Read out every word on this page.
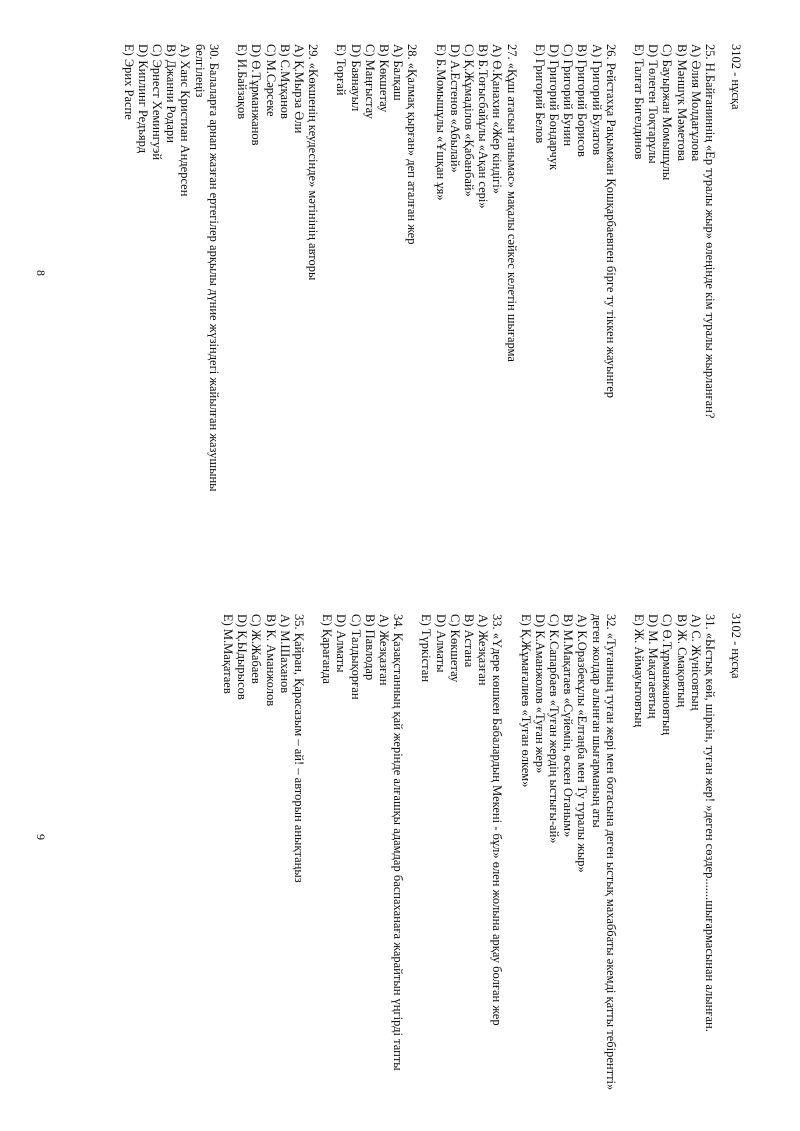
3102 - нұсқа

25. Н.Байғаниннің «Ер туралы жыр» өлеңінде кім туралы жырланған?

A) Әлия Молдағұлова

B) Мәншүк Мәметова

C) Бауыржан Момышұлы

D) Төлеген Тоқтарұлы

E) Талғат Бигелдинов

26. Рейстахқа Рақымжан Қошқарбаевпен бірге ту тіккен жауынгер

A) Григорий Булатов

B) Григорий Борисов

C) Григорий Бунин

D) Григорий Бондарчук

E) Григорий Белов

27. «Құш атасын танымас» мақалы сәйкес келетін шығарма

A) Ө.Қанахин «Жер кіндігі»

B) Б.Тоғысбайұлы «Ақан сері»

C) Қ.Жұмаділов «Қабанбай»

D) А.Естенов «Абылай»

E) Б.Момышұлы «Ұшқан ұя»

28. «Қалмақ қырған» деп аталған жер

A) Балқаш

B) Көкшетау

C) Маңғыстау

D) Баянауыл

E) Торғай

29. «Көкшенің кеудесінде» мәтінінің авторы

A) Қ.Мырза Әли

B) С.Мұқанов

C) М.Сәрсеке

D) Ө.Тұрманжанов

E) И.Байзақов

30. Балаларға арнап жазған ертегілер арқылы дүние жүзіндегі жайылған жазушыны белгілеңіз

A) Ханс Кристиан Андерсен

B) Джанни Родари

C) Эрнест Хемингуэй

D) Киплинг Редъярд

E) Эрих Распе

8
3102 - нұсқа

31. «Ыстық көй, шіркін, туған жер! »деген сөздер.......шығармасынан алынған.

A) С. Жүнісовтың

B) Ж. Смақовтың

C) Ө.Тұрманжановтың

D) М. Мақатаевтың

E) Ж. Аймауытовтың

32. «Туғанның туған жері мен ботасына деген ыстық махаббаты әкемді қатты тебірентті» деген жолдар алынған шығарманың аты

A) К.Оразбекұлы «Елтаңба мен Ту туралы жыр»

B) М.Мақатаев «Сүйемін, өскен Отаным»

C) К.Сапарбаев «Туған жердің ыстығы-ай»

D) К.Аманжолов «Туған жер»

E) Қ.Жұмағалиев «Туған өлкем»

33. «Үдере көшкен Бабалардың Мекені - бұл» өлен жолына арқау болған жер

A) Жезқазған

B) Астана

C) Көкшетау

D) Алматы

E) Түркістан

34. Қазақстанның қай жерінде алғашқы адамдар баспаханаға жарайтын үңгірді тапты

A) Жезқазған

B) Павлодар

C) Талдықорған

D) Алматы

E) Қарағанда

35. Қайран, Қарасазым – ай! – авторын анықтаңыз

A) М.Шаханов

B) К. Аманжолов

C) Ж.Жабаев

D) Қ.Ыдырысов

E) М.Мақатаев

9
